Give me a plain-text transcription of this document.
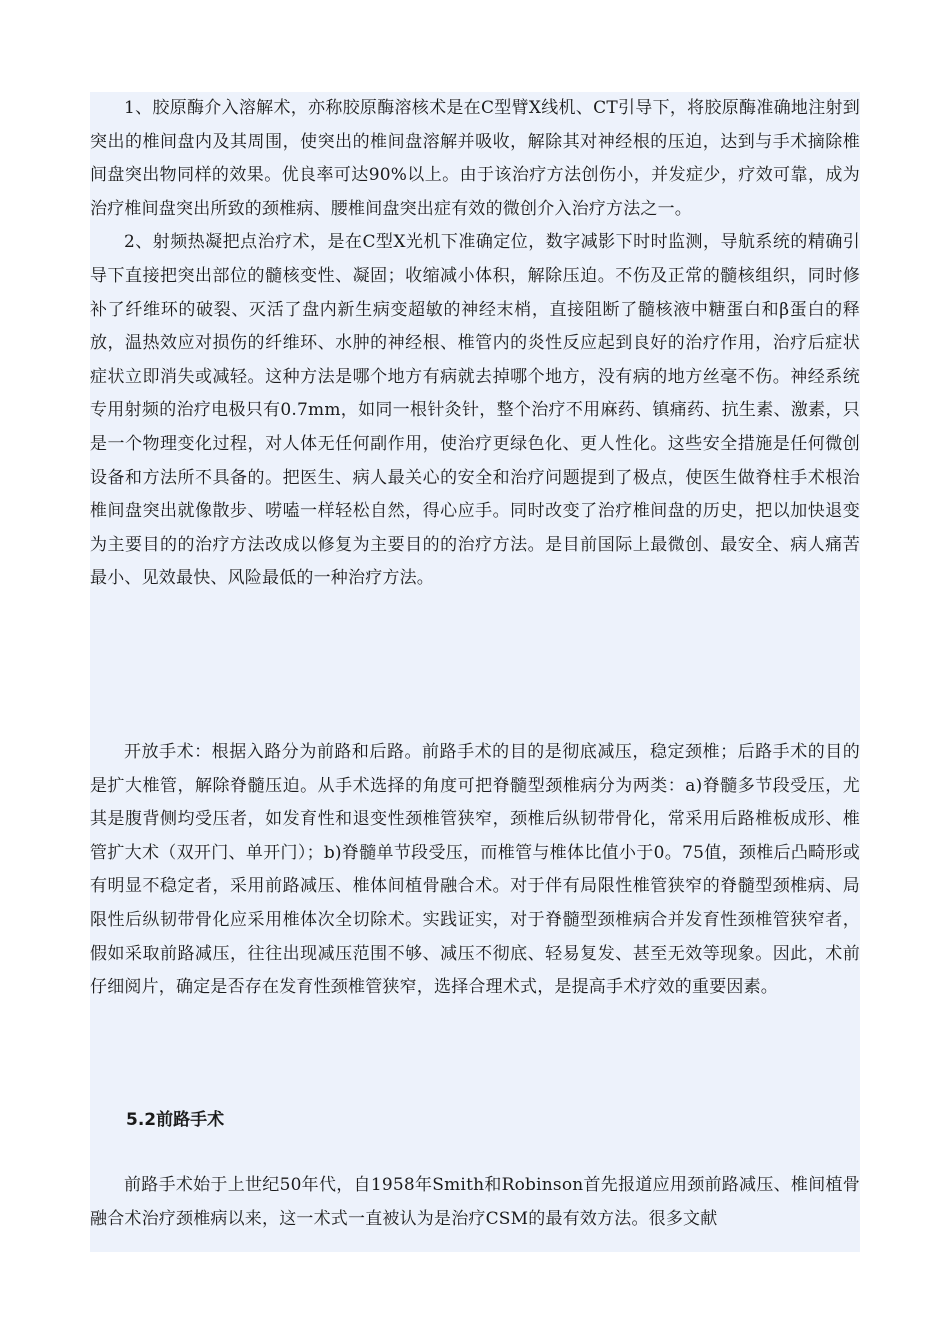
1、胶原酶介入溶解术，亦称胶原酶溶核术是在C型臂X线机、CT引导下，将胶原酶准确地注射到突出的椎间盘内及其周围，使突出的椎间盘溶解并吸收，解除其对神经根的压迫，达到与手术摘除椎间盘突出物同样的效果。优良率可达90%以上。由于该治疗方法创伤小，并发症少，疗效可靠，成为治疗椎间盘突出所致的颈椎病、腰椎间盘突出症有效的微创介入治疗方法之一。

2、射频热凝把点治疗术，是在C型X光机下准确定位，数字减影下时时监测，导航系统的精确引导下直接把突出部位的髓核变性、凝固；收缩减小体积，解除压迫。不伤及正常的髓核组织，同时修补了纤维环的破裂、灭活了盘内新生病变超敏的神经末梢，直接阻断了髓核液中糖蛋白和β蛋白的释放，温热效应对损伤的纤维环、水肿的神经根、椎管内的炎性反应起到良好的治疗作用，治疗后症状症状立即消失或减轻。这种方法是哪个地方有病就去掉哪个地方，没有病的地方丝毫不伤。神经系统专用射频的治疗电极只有0.7mm，如同一根针灸针，整个治疗不用麻药、镇痛药、抗生素、激素，只是一个物理变化过程，对人体无任何副作用，使治疗更绿色化、更人性化。这些安全措施是任何微创设备和方法所不具备的。把医生、病人最关心的安全和治疗问题提到了极点，使医生做脊柱手术根治椎间盘突出就像散步、唠嗑一样轻松自然，得心应手。同时改变了治疗椎间盘的历史，把以加快退变为主要目的的治疗方法改成以修复为主要目的的治疗方法。是目前国际上最微创、最安全、病人痛苦最小、见效最快、风险最低的一种治疗方法。

开放手术：根据入路分为前路和后路。前路手术的目的是彻底减压，稳定颈椎；后路手术的目的是扩大椎管，解除脊髓压迫。从手术选择的角度可把脊髓型颈椎病分为两类：a)脊髓多节段受压，尤其是腹背侧均受压者，如发育性和退变性颈椎管狭窄，颈椎后纵韧带骨化，常采用后路椎板成形、椎管扩大术（双开门、单开门）；b)脊髓单节段受压，而椎管与椎体比值小于0。75值，颈椎后凸畸形或有明显不稳定者，采用前路减压、椎体间植骨融合术。对于伴有局限性椎管狭窄的脊髓型颈椎病、局限性后纵韧带骨化应采用椎体次全切除术。实践证实，对于脊髓型颈椎病合并发育性颈椎管狭窄者，假如采取前路减压，往往出现减压范围不够、减压不彻底、轻易复发、甚至无效等现象。因此，术前仔细阅片，确定是否存在发育性颈椎管狭窄，选择合理术式，是提高手术疗效的重要因素。

5.2前路手术

前路手术始于上世纪50年代，自1958年Smith和Robinson首先报道应用颈前路减压、椎间植骨融合术治疗颈椎病以来，这一术式一直被认为是治疗CSM的最有效方法。很多文献
